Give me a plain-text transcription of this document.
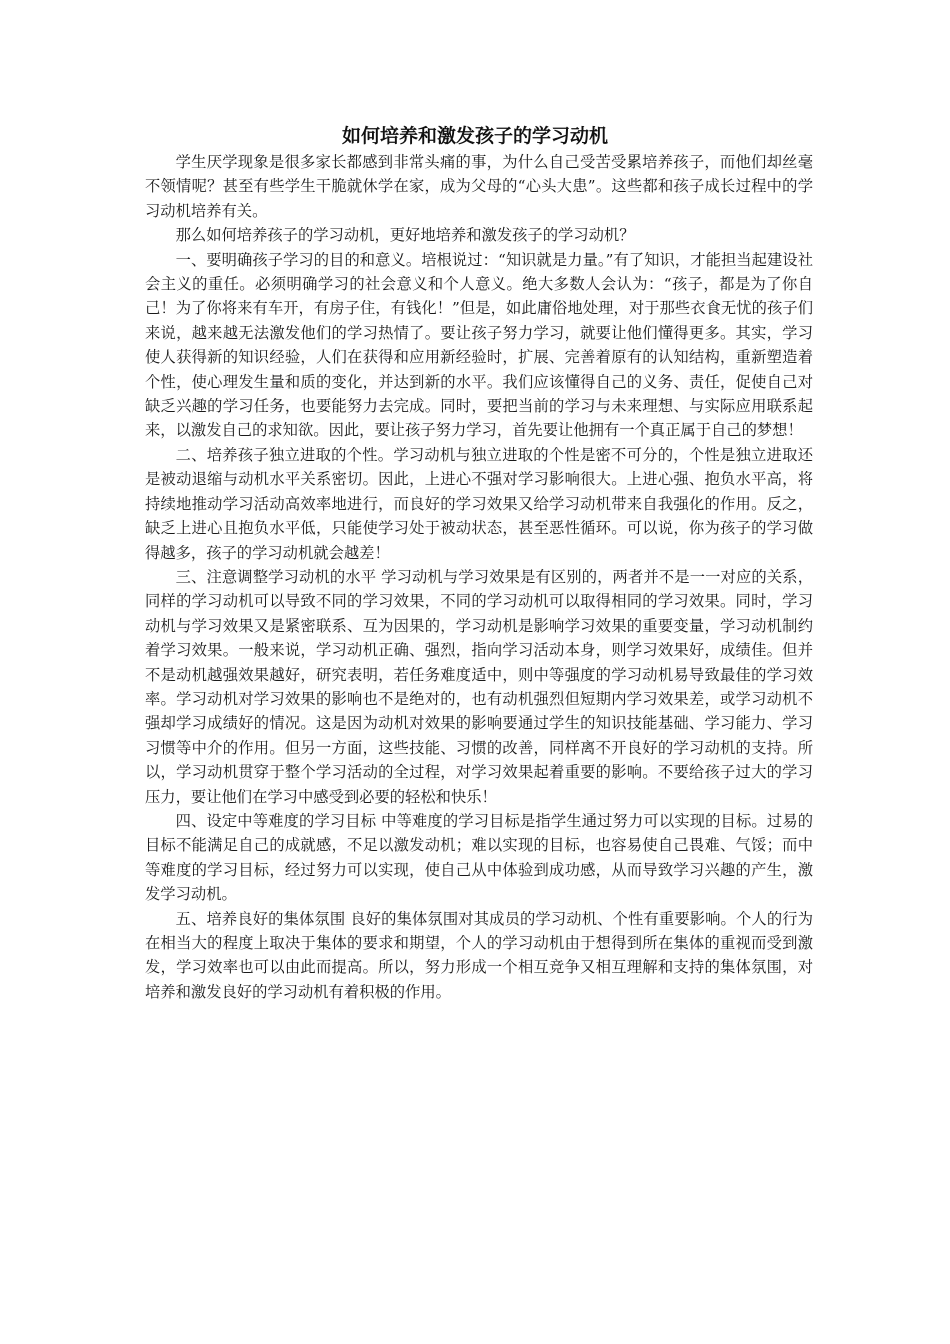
如何培养和激发孩子的学习动机

学生厌学现象是很多家长都感到非常头痛的事，为什么自己受苦受累培养孩子，而他们却丝毫不领情呢？甚至有些学生干脆就休学在家，成为父母的“心头大患”。这些都和孩子成长过程中的学习动机培养有关。

那么如何培养孩子的学习动机，更好地培养和激发孩子的学习动机？

一、要明确孩子学习的目的和意义。培根说过：“知识就是力量。”有了知识，才能担当起建设社会主义的重任。必须明确学习的社会意义和个人意义。绝大多数人会认为：“孩子，都是为了你自己！为了你将来有车开，有房子住，有钱化！”但是，如此庸俗地处理，对于那些衣食无忧的孩子们来说，越来越无法激发他们的学习热情了。要让孩子努力学习，就要让他们懂得更多。其实，学习使人获得新的知识经验，人们在获得和应用新经验时，扩展、完善着原有的认知结构，重新塑造着个性，使心理发生量和质的变化，并达到新的水平。我们应该懂得自己的义务、责任，促使自己对缺乏兴趣的学习任务，也要能努力去完成。同时，要把当前的学习与未来理想、与实际应用联系起来，以激发自己的求知欲。因此，要让孩子努力学习，首先要让他拥有一个真正属于自己的梦想！

二、培养孩子独立进取的个性。学习动机与独立进取的个性是密不可分的，个性是独立进取还是被动退缩与动机水平关系密切。因此，上进心不强对学习影响很大。上进心强、抱负水平高，将持续地推动学习活动高效率地进行，而良好的学习效果又给学习动机带来自我强化的作用。反之，缺乏上进心且抱负水平低，只能使学习处于被动状态，甚至恶性循环。可以说，你为孩子的学习做得越多，孩子的学习动机就会越差！

三、注意调整学习动机的水平 学习动机与学习效果是有区别的，两者并不是一一对应的关系，同样的学习动机可以导致不同的学习效果，不同的学习动机可以取得相同的学习效果。同时，学习动机与学习效果又是紧密联系、互为因果的，学习动机是影响学习效果的重要变量，学习动机制约着学习效果。一般来说，学习动机正确、强烈，指向学习活动本身，则学习效果好，成绩佳。但并不是动机越强效果越好，研究表明，若任务难度适中，则中等强度的学习动机易导致最佳的学习效率。学习动机对学习效果的影响也不是绝对的，也有动机强烈但短期内学习效果差，或学习动机不强却学习成绩好的情况。这是因为动机对效果的影响要通过学生的知识技能基础、学习能力、学习习惯等中介的作用。但另一方面，这些技能、习惯的改善，同样离不开良好的学习动机的支持。所以，学习动机贯穿于整个学习活动的全过程，对学习效果起着重要的影响。不要给孩子过大的学习压力，要让他们在学习中感受到必要的轻松和快乐！

四、设定中等难度的学习目标 中等难度的学习目标是指学生通过努力可以实现的目标。过易的目标不能满足自己的成就感，不足以激发动机；难以实现的目标，也容易使自己畏难、气馁；而中等难度的学习目标，经过努力可以实现，使自己从中体验到成功感，从而导致学习兴趣的产生，激发学习动机。

五、培养良好的集体氛围 良好的集体氛围对其成员的学习动机、个性有重要影响。个人的行为在相当大的程度上取决于集体的要求和期望，个人的学习动机由于想得到所在集体的重视而受到激发，学习效率也可以由此而提高。所以，努力形成一个相互竞争又相互理解和支持的集体氛围，对培养和激发良好的学习动机有着积极的作用。
